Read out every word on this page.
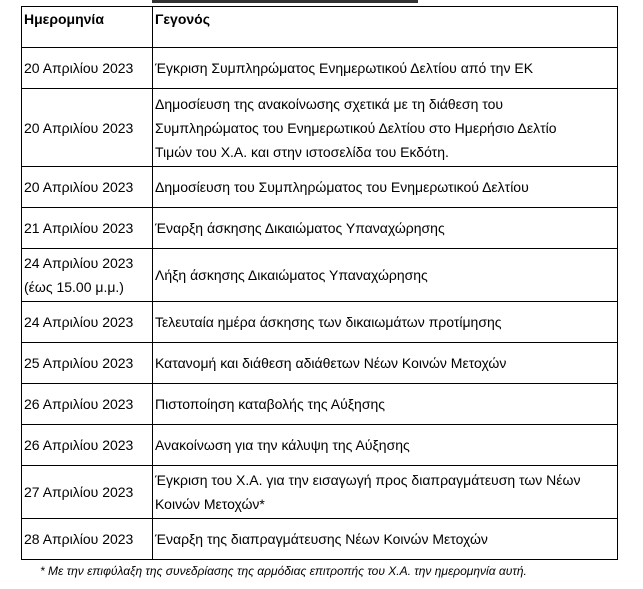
Ημερομηνία	Γεγονός
20 Απριλίου 2023	Έγκριση Συμπληρώματος Ενημερωτικού Δελτίου από την ΕΚ
20 Απριλίου 2023	Δημοσίευση της ανακοίνωσης σχετικά με τη διάθεση του
Συμπληρώματος του Ενημερωτικού Δελτίου στο Ημερήσιο Δελτίο
Τιμών του Χ.Α. και στην ιστοσελίδα του Εκδότη.
20 Απριλίου 2023	Δημοσίευση του Συμπληρώματος του Ενημερωτικού Δελτίου
21 Απριλίου 2023	Έναρξη άσκησης Δικαιώματος Υπαναχώρησης
24 Απριλίου 2023
(έως 15.00 μ.μ.)	Λήξη άσκησης Δικαιώματος Υπαναχώρησης
24 Απριλίου 2023	Τελευταία ημέρα άσκησης των δικαιωμάτων προτίμησης
25 Απριλίου 2023	Κατανομή και διάθεση αδιάθετων Νέων Κοινών Μετοχών
26 Απριλίου 2023	Πιστοποίηση καταβολής της Αύξησης
26 Απριλίου 2023	Ανακοίνωση για την κάλυψη της Αύξησης
27 Απριλίου 2023	Έγκριση του Χ.Α. για την εισαγωγή προς διαπραγμάτευση των Νέων
Κοινών Μετοχών*
28 Απριλίου 2023	Έναρξη της διαπραγμάτευσης Νέων Κοινών Μετοχών
* Με την επιφύλαξη της συνεδρίασης της αρμόδιας επιτροπής του Χ.Α. την ημερομηνία αυτή.
